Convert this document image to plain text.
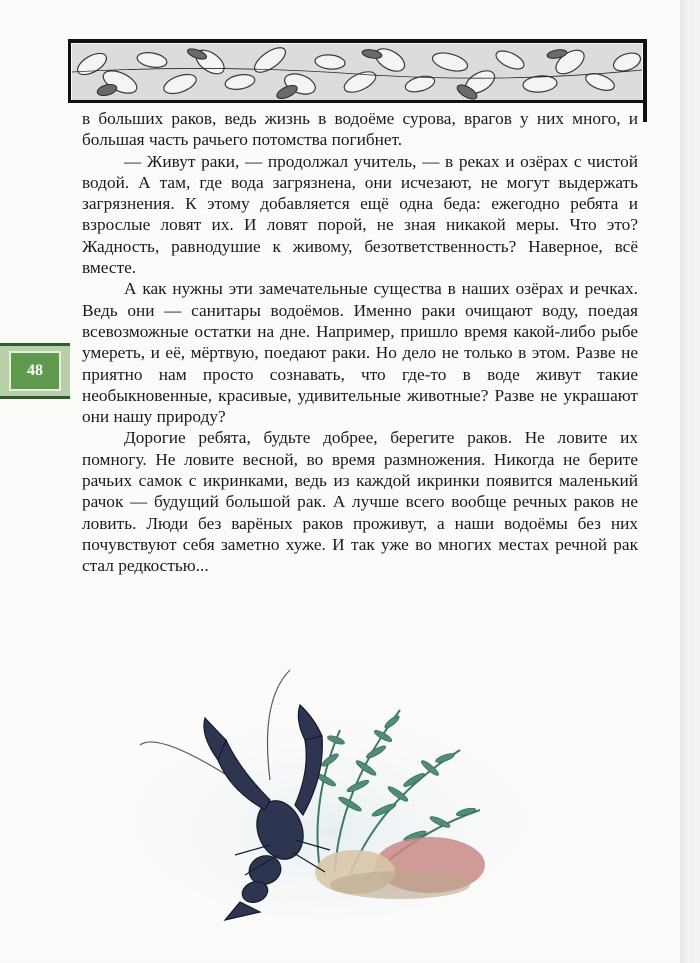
48

в больших раков, ведь жизнь в водоёме сурова, врагов у них много, и большая часть рачьего потомства погибнет.

— Живут раки, — продолжал учитель, — в реках и озёрах с чистой водой. А там, где вода загрязнена, они исчезают, не могут выдержать загрязнения. К этому добавляется ещё одна беда: ежегодно ребята и взрослые ловят их. И ловят порой, не зная никакой меры. Что это? Жадность, равнодушие к живому, безответственность? Наверное, всё вместе.

А как нужны эти замечательные существа в наших озёрах и речках. Ведь они — санитары водоёмов. Именно раки очищают воду, поедая всевозможные остатки на дне. Например, пришло время какой-либо рыбе умереть, и её, мёртвую, поедают раки. Но дело не только в этом. Разве не приятно нам просто сознавать, что где-то в воде живут такие необыкновенные, красивые, удивительные животные? Разве не украшают они нашу природу?

Дорогие ребята, будьте добрее, берегите раков. Не ловите их помногу. Не ловите весной, во время размножения. Никогда не берите рачьих самок с икринками, ведь из каждой икринки появится маленький рачок — будущий большой рак. А лучше всего вообще речных раков не ловить. Люди без варёных раков проживут, а наши водоёмы без них почувствуют себя заметно хуже. И так уже во многих местах речной рак стал редкостью...
